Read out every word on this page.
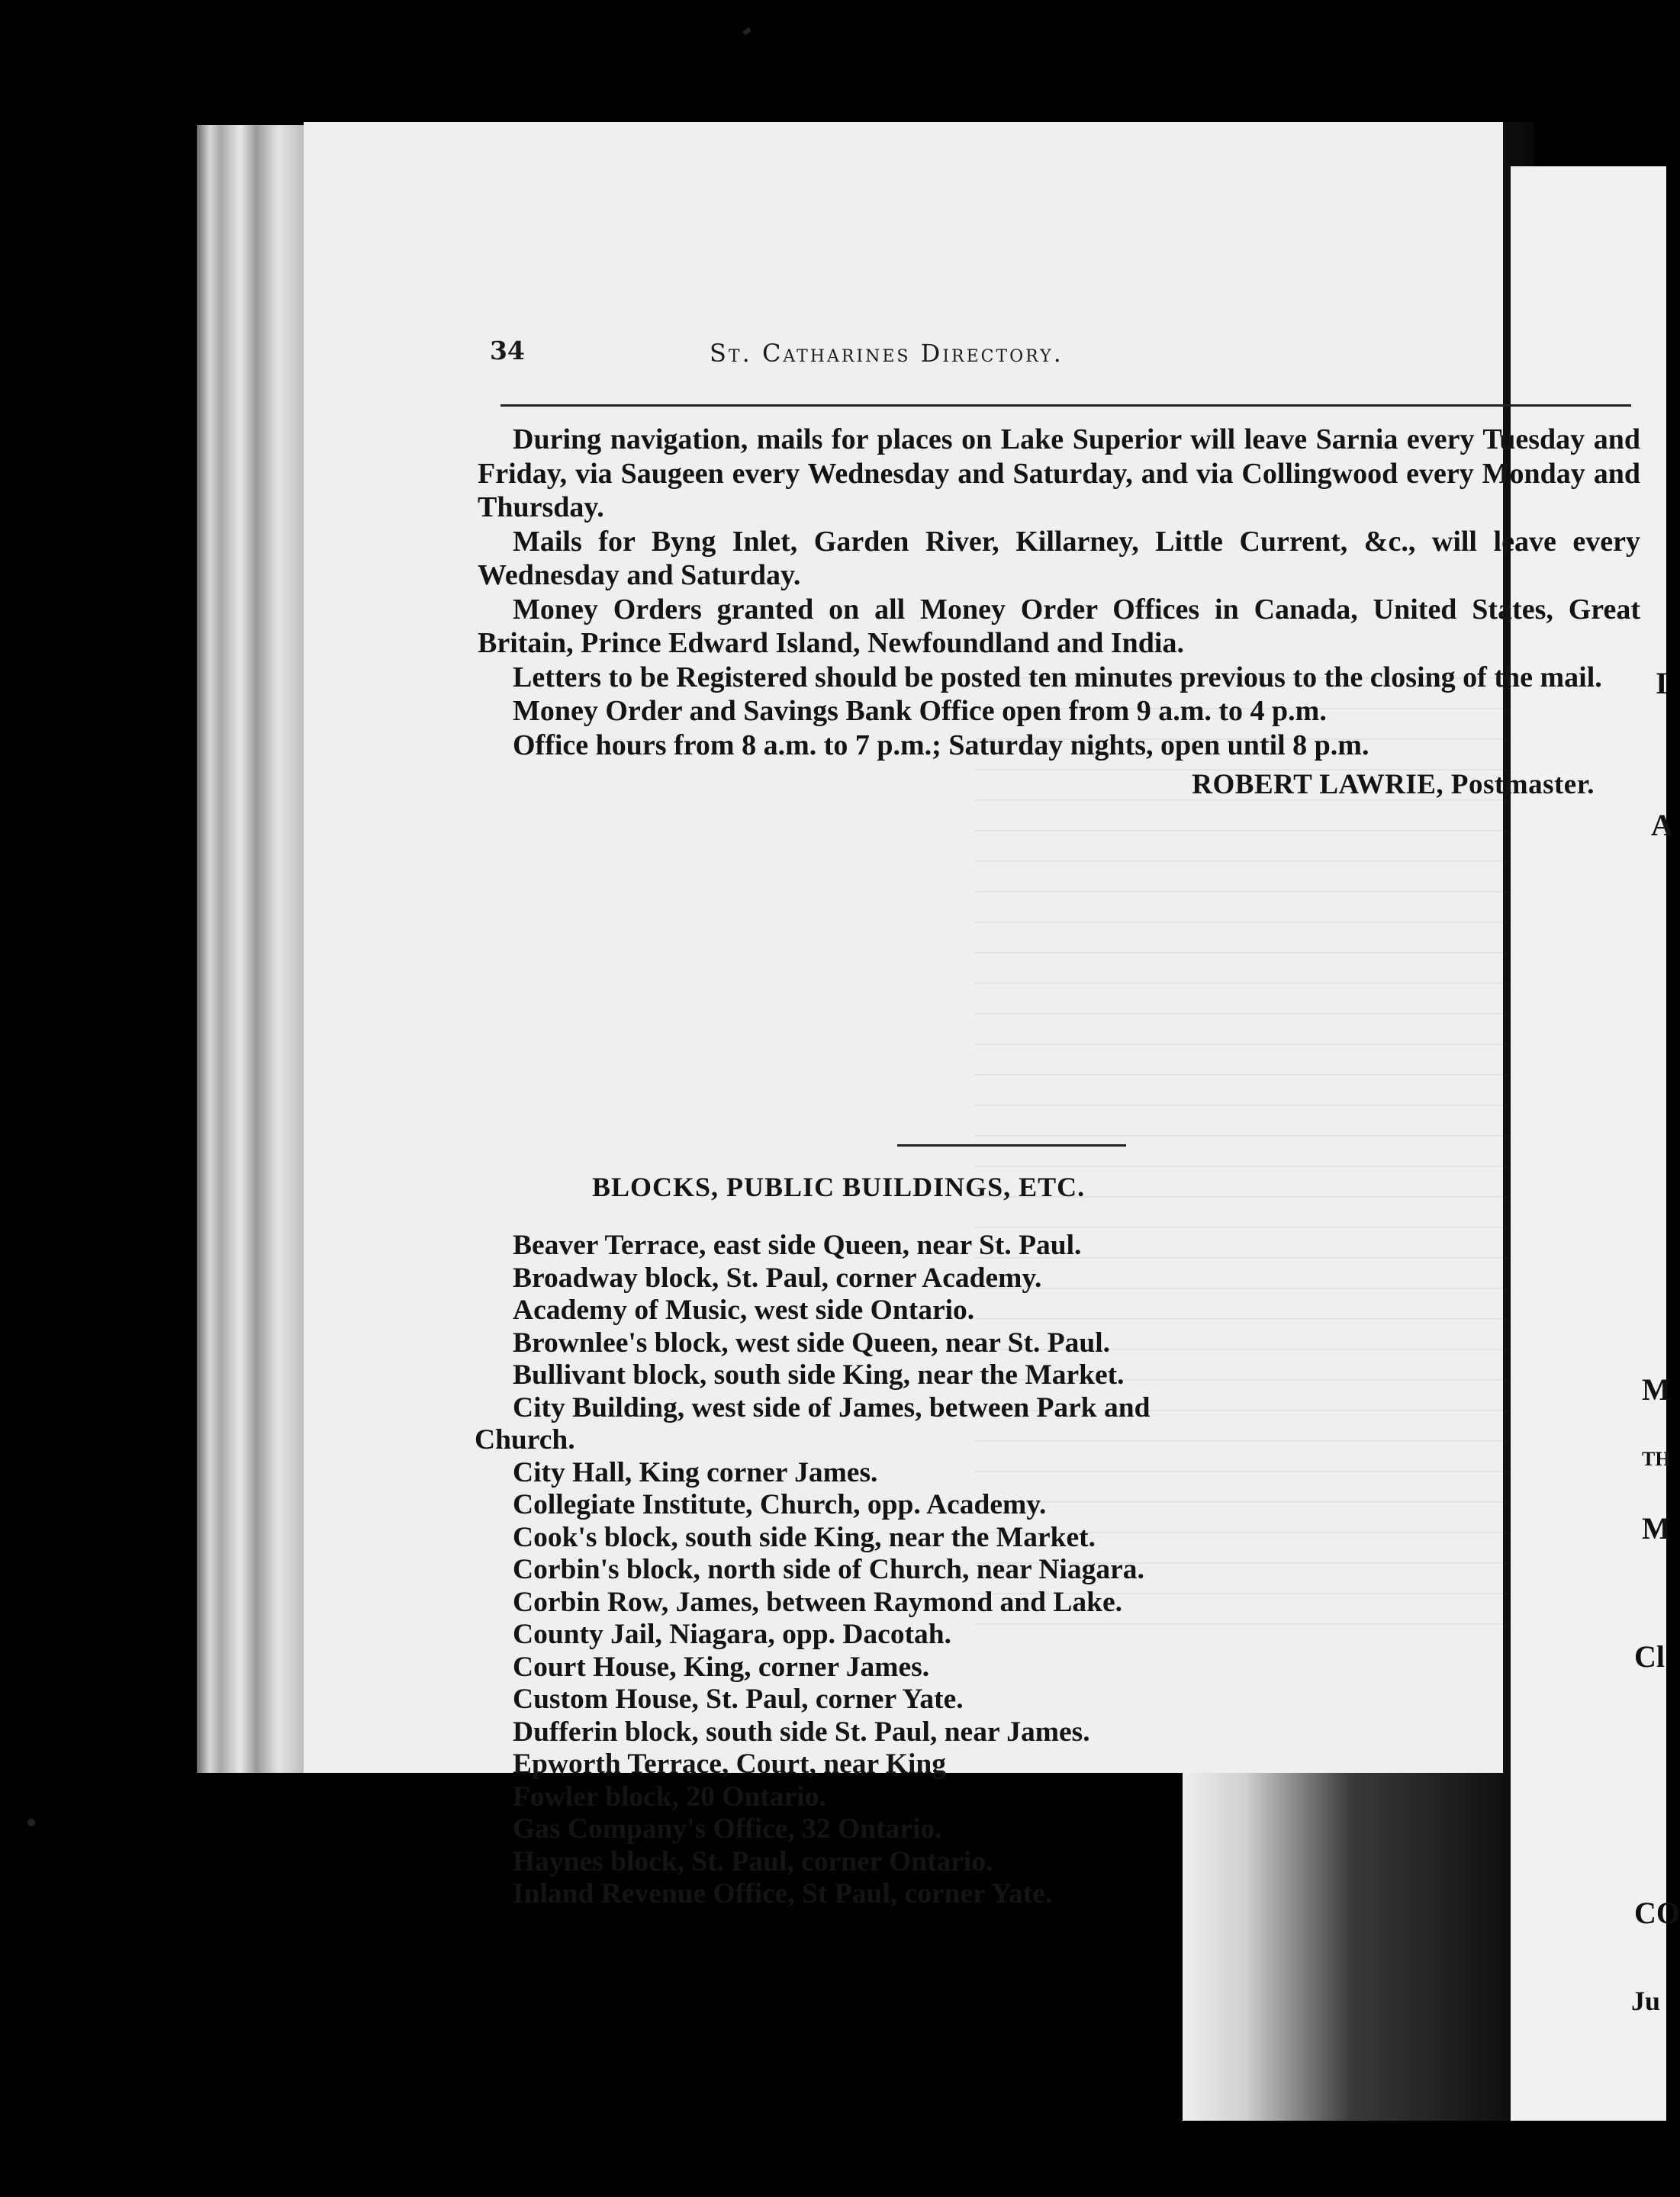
I
A
M
TH
M
Cl
CO
Ju
34	St. Catharines Directory.

During navigation, mails for places on Lake Superior will leave Sarnia every Tuesday and Friday, via Saugeen every Wednesday and Saturday, and via Collingwood every Monday and Thursday.

Mails for Byng Inlet, Garden River, Killarney, Little Current, &c., will leave every Wednesday and Saturday.

Money Orders granted on all Money Order Offices in Canada, United States, Great Britain, Prince Edward Island, Newfoundland and India.

Letters to be Registered should be posted ten minutes previous to the closing of the mail.

Money Order and Savings Bank Office open from 9 a.m. to 4 p.m.

Office hours from 8 a.m. to 7 p.m.; Saturday nights, open until 8 p.m.

ROBERT LAWRIE, Postmaster.

BLOCKS, PUBLIC BUILDINGS, ETC.
Beaver Terrace, east side Queen, near St. Paul.
Broadway block, St. Paul, corner Academy.
Academy of Music, west side Ontario.
Brownlee's block, west side Queen, near St. Paul.
Bullivant block, south side King, near the Market.
City Building, west side of James, between Park and
Church.
City Hall, King corner James.
Collegiate Institute, Church, opp. Academy.
Cook's block, south side King, near the Market.
Corbin's block, north side of Church, near Niagara.
Corbin Row, James, between Raymond and Lake.
County Jail, Niagara, opp. Dacotah.
Court House, King, corner James.
Custom House, St. Paul, corner Yate.
Dufferin block, south side St. Paul, near James.
Epworth Terrace, Court, near King
Fowler block, 20 Ontario.
Gas Company's Office, 32 Ontario.
Haynes block, St. Paul, corner Ontario.
Inland Revenue Office, St Paul, corner Yate.
